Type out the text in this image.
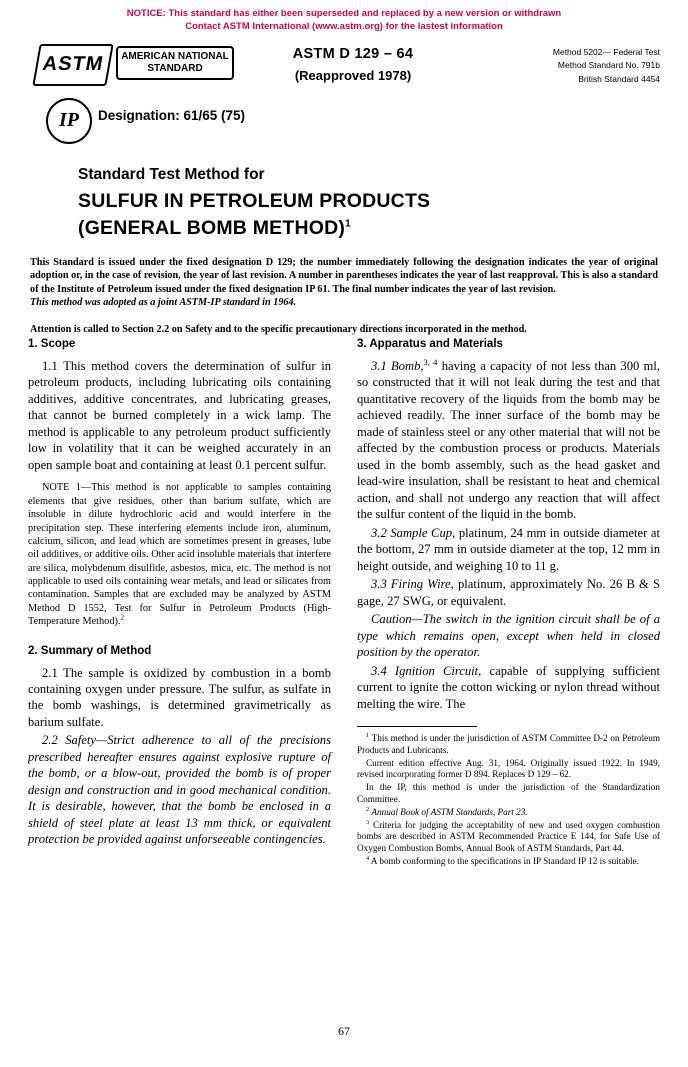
NOTICE: This standard has either been superseded and replaced by a new version or withdrawn
Contact ASTM International (www.astm.org) for the lastest information
ASTM	AMERICAN NATIONAL
STANDARD
IP	Designation: 61/65 (75)
ASTM D 129 – 64
(Reapproved 1978)
Method 5202— Federal Test
Method Standard No. 791b
British Standard 4454
Standard Test Method for
SULFUR IN PETROLEUM PRODUCTS
(GENERAL BOMB METHOD)$^1$
This Standard is issued under the fixed designation D 129; the number immediately following the designation indicates the year of original adoption or, in the case of revision, the year of last revision. A number in parentheses indicates the year of last reapproval. This is also a standard of the Institute of Petroleum issued under the fixed designation IP 61. The final number indicates the year of last revision.
This method was adopted as a joint ASTM-IP standard in 1964.
Attention is called to Section 2.2 on Safety and to the specific precautionary directions incorporated in the method.
1. Scope

1.1 This method covers the determination of sulfur in petroleum products, including lubricating oils containing additives, additive concentrates, and lubricating greases, that cannot be burned completely in a wick lamp. The method is applicable to any petroleum product sufficiently low in volatility that it can be weighed accurately in an open sample boat and containing at least 0.1 percent sulfur.

NOTE 1—This method is not applicable to samples containing elements that give residues, other than barium sulfate, which are insoluble in dilute hydrochloric acid and would interfere in the precipitation step. These interfering elements include iron, aluminum, calcium, silicon, and lead which are sometimes present in greases, lube oil additives, or additive oils. Other acid insoluble materials that interfere are silica, molybdenum disulfide, asbestos, mica, etc. The method is not applicable to used oils containing wear metals, and lead or silicates from contamination. Samples that are excluded may be analyzed by ASTM Method D 1552, Test for Sulfur in Petroleum Products (High-Temperature Method).$^2$

2. Summary of Method

2.1 The sample is oxidized by combustion in a bomb containing oxygen under pressure. The sulfur, as sulfate in the bomb washings, is determined gravimetrically as barium sulfate.

2.2 Safety—Strict adherence to all of the precisions prescribed hereafter ensures against explosive rupture of the bomb, or a blow-out, provided the bomb is of proper design and construction and in good mechanical condition. It is desirable, however, that the bomb be enclosed in a shield of steel plate at least 13 mm thick, or equivalent protection be provided against unforseeable contingencies.

3. Apparatus and Materials

3.1 Bomb,$^{3, 4}$ having a capacity of not less than 300 ml, so constructed that it will not leak during the test and that quantitative recovery of the liquids from the bomb may be achieved readily. The inner surface of the bomb may be made of stainless steel or any other material that will not be affected by the combustion process or products. Materials used in the bomb assembly, such as the head gasket and lead-wire insulation, shall be resistant to heat and chemical action, and shall not undergo any reaction that will affect the sulfur content of the liquid in the bomb.

3.2 Sample Cup, platinum, 24 mm in outside diameter at the bottom, 27 mm in outside diameter at the top, 12 mm in height outside, and weighing 10 to 11 g.

3.3 Firing Wire, platinum, approximately No. 26 B & S gage, 27 SWG, or equivalent.

Caution—The switch in the ignition circuit shall be of a type which remains open, except when held in closed position by the operator.

3.4 Ignition Circuit, capable of supplying sufficient current to ignite the cotton wicking or nylon thread without melting the wire. The

$^1$ This method is under the jurisdiction of ASTM Committee D-2 on Petroleum Products and Lubricants.

Current edition effective Aug. 31, 1964. Originally issued 1922. In 1949, revised incorporating former D 894. Replaces D 129 – 62.

In the IP, this method is under the jurisdiction of the Standardization Committee.

$^2$ Annual Book of ASTM Standards, Part 23.

$^3$ Criteria for judging the acceptability of new and used oxygen combustion bombs are described in ASTM Recommended Practice E 144, for Safe Use of Oxygen Combustion Bombs, Annual Book of ASTM Standards, Part 44.

$^4$ A bomb conforming to the specifications in IP Standard IP 12 is suitable.

67
